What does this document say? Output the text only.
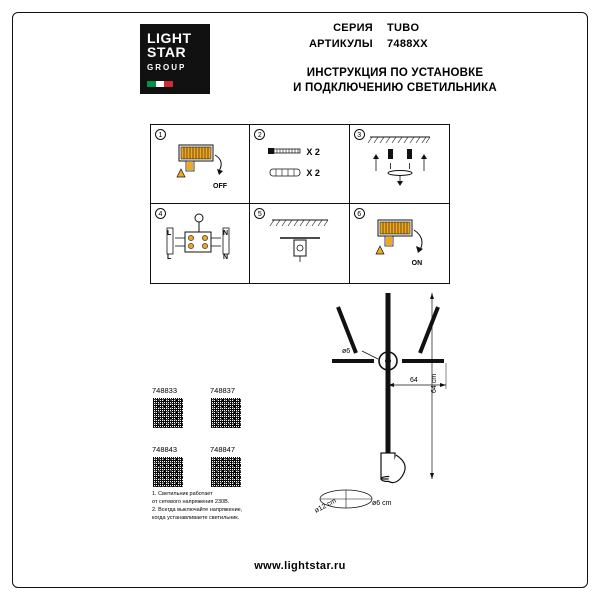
LIGHT
STAR
GROUP
СЕРИЯ	TUBO
АРТИКУЛЫ	7488XX
ИНСТРУКЦИЯ ПО УСТАНОВКЕ
И ПОДКЛЮЧЕНИЮ СВЕТИЛЬНИКА
1
OFF
2
X 2
X 2
3
4
L	N
L	N
5	6
ON
ø6
64 64 cm
ø12 cm	ø6 cm
748833	748837
748843	748847
1. Светильник работает
от сетевого напряжения 230В.
2. Всегда выключайте напряжение,
когда устанавливаете светильник.
www.lightstar.ru
